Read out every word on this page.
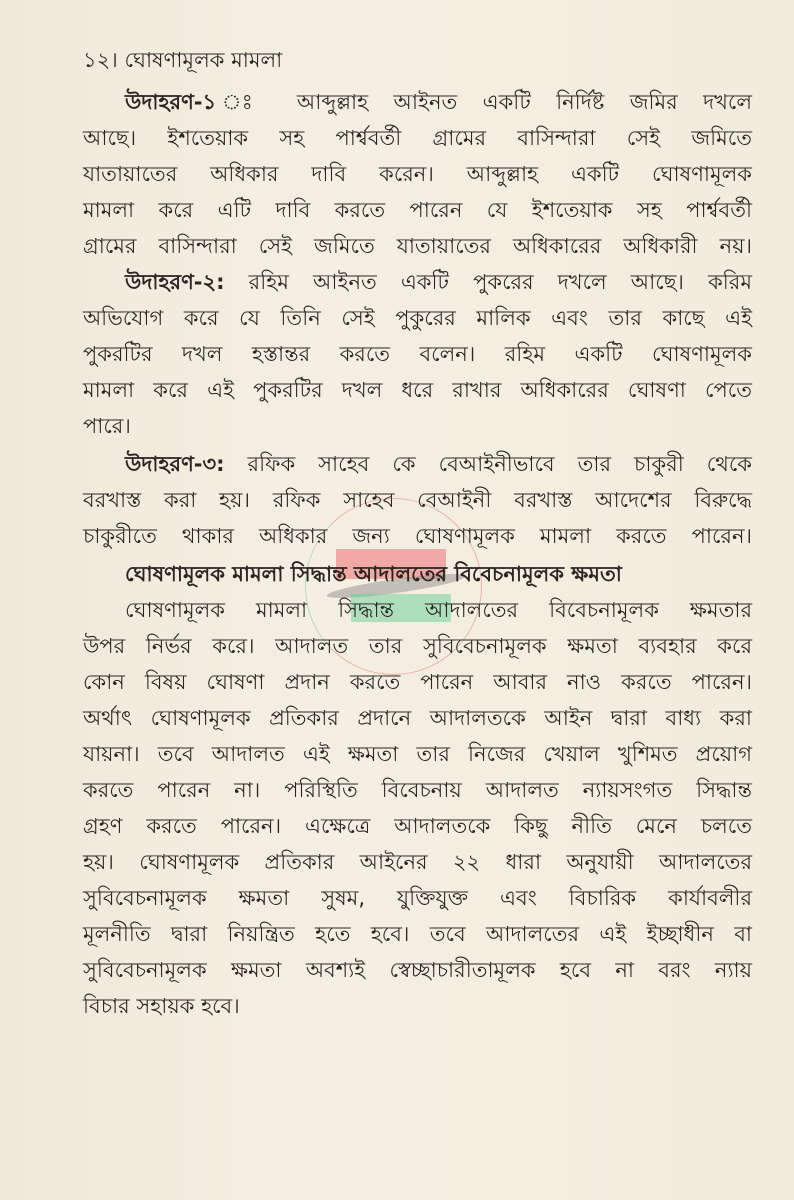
১২। ঘোষণামূলক মামলা
উদাহরণ-১ ঃ আব্দুল্লাহ আইনত একটি নির্দিষ্ট জমির দখলে
আছে। ইশতেয়াক সহ পার্শ্ববর্তী গ্রামের বাসিন্দারা সেই জমিতে
যাতায়াতের অধিকার দাবি করেন। আব্দুল্লাহ একটি ঘোষণামূলক
মামলা করে এটি দাবি করতে পারেন যে ইশতেয়াক সহ পার্শ্ববর্তী
গ্রামের বাসিন্দারা সেই জমিতে যাতায়াতের অধিকারের অধিকারী নয়।
উদাহরণ-২: রহিম আইনত একটি পুকরের দখলে আছে। করিম
অভিযোগ করে যে তিনি সেই পুকুরের মালিক এবং তার কাছে এই
পুকরটির দখল হস্তান্তর করতে বলেন। রহিম একটি ঘোষণামূলক
মামলা করে এই পুকরটির দখল ধরে রাখার অধিকারের ঘোষণা পেতে
পারে।
উদাহরণ-৩: রফিক সাহেব কে বেআইনীভাবে তার চাকুরী থেকে
বরখাস্ত করা হয়। রফিক সাহেব বেআইনী বরখাস্ত আদেশের বিরুদ্ধে
চাকুরীতে থাকার অধিকার জন্য ঘোষণামূলক মামলা করতে পারেন।
ঘোষণামূলক মামলা সিদ্ধান্ত আদালতের বিবেচনামূলক ক্ষমতা
ঘোষণামূলক মামলা সিদ্ধান্ত আদালতের বিবেচনামূলক ক্ষমতার
উপর নির্ভর করে। আদালত তার সুবিবেচনামূলক ক্ষমতা ব্যবহার করে
কোন বিষয় ঘোষণা প্রদান করতে পারেন আবার নাও করতে পারেন।
অর্থাৎ ঘোষণামূলক প্রতিকার প্রদানে আদালতকে আইন দ্বারা বাধ্য করা
যায়না। তবে আদালত এই ক্ষমতা তার নিজের খেয়াল খুশিমত প্রয়োগ
করতে পারেন না। পরিস্থিতি বিবেচনায় আদালত ন্যায়সংগত সিদ্ধান্ত
গ্রহণ করতে পারেন। এক্ষেত্রে আদালতকে কিছু নীতি মেনে চলতে
হয়। ঘোষণামূলক প্রতিকার আইনের ২২ ধারা অনুযায়ী আদালতের
সুবিবেচনামূলক ক্ষমতা সুষম, যুক্তিযুক্ত এবং বিচারিক কার্যাবলীর
মূলনীতি দ্বারা নিয়ন্ত্রিত হতে হবে। তবে আদালতের এই ইচ্ছাধীন বা
সুবিবেচনামূলক ক্ষমতা অবশ্যই স্বেচ্ছাচারীতামূলক হবে না বরং ন্যায়
বিচার সহায়ক হবে।
